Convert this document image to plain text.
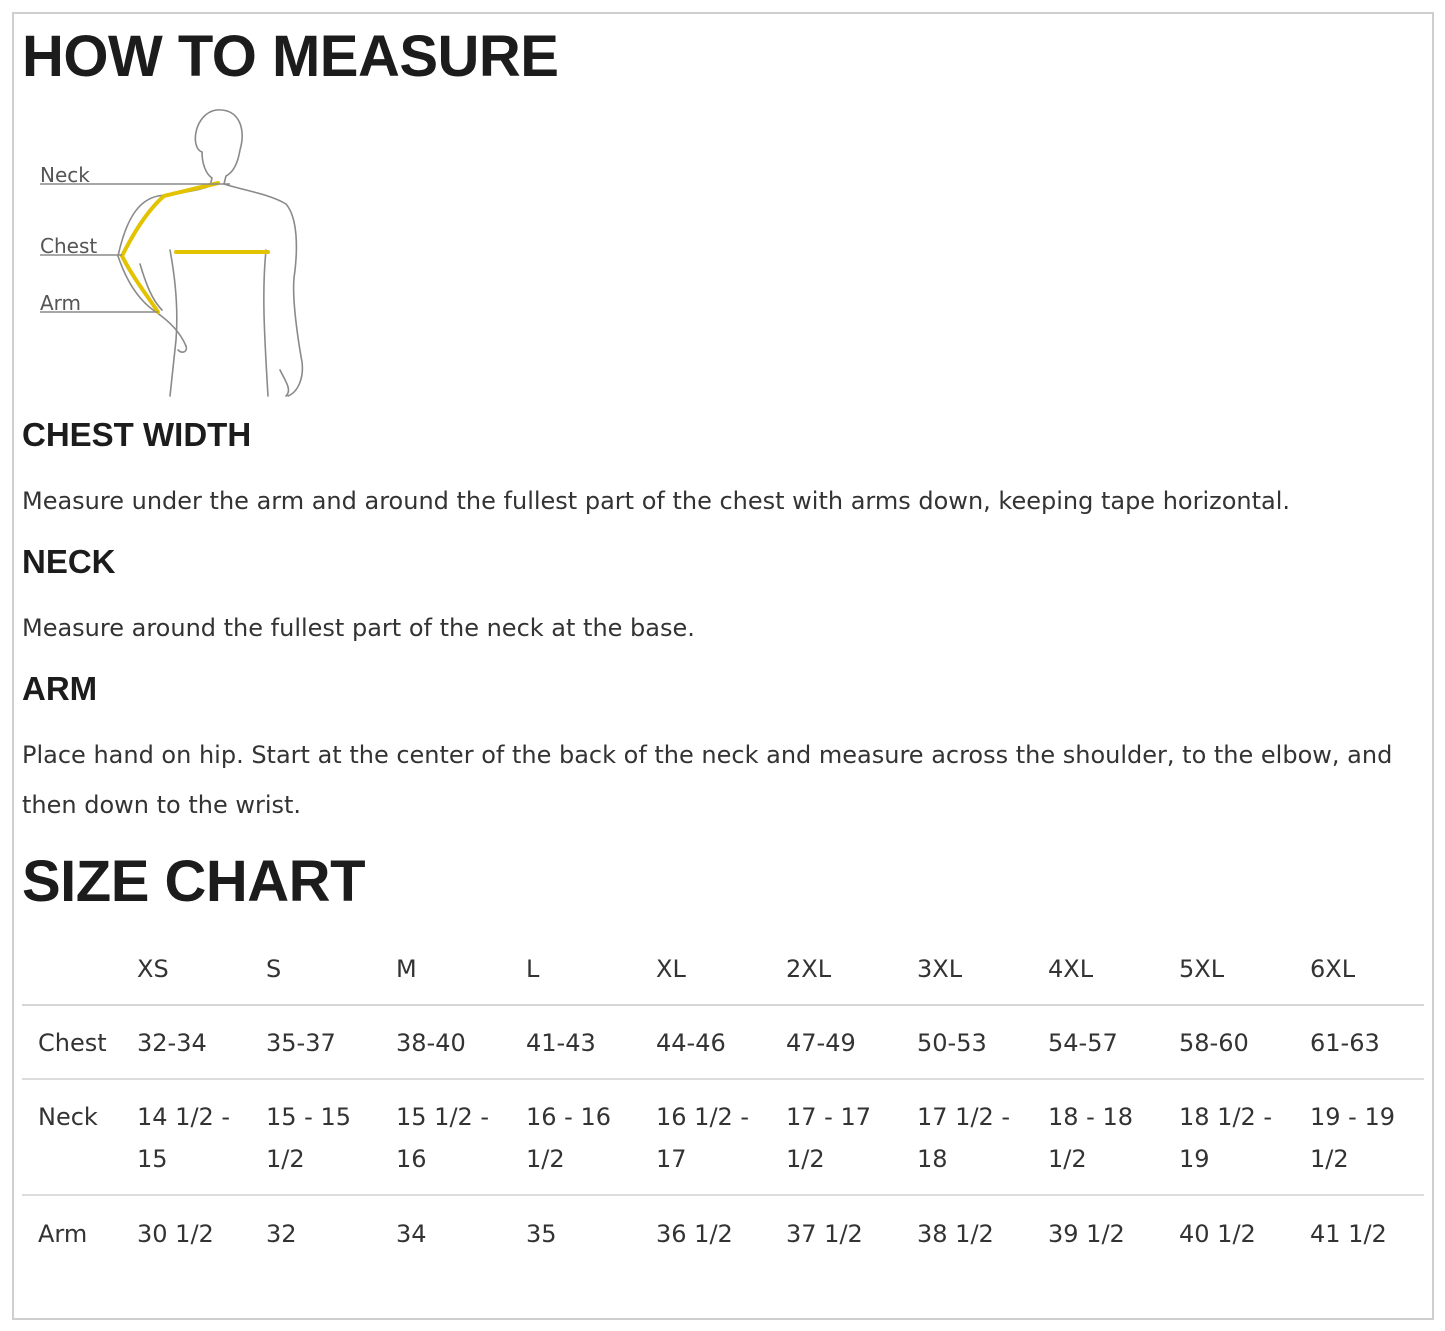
HOW TO MEASURE
Neck
Chest
Arm
CHEST WIDTH

Measure under the arm and around the fullest part of the chest with arms down, keeping tape horizontal.

NECK

Measure around the fullest part of the neck at the base.

ARM

Place hand on hip. Start at the center of the back of the neck and measure across the shoulder, to the elbow, and then down to the wrist.

SIZE CHART
	XS	S	M	L	XL	2XL	3XL	4XL	5XL	6XL
Chest	32-34	35-37	38-40	41-43	44-46	47-49	50-53	54-57	58-60	61-63
Neck	14 1/2 - 15	15 - 15 1/2	15 1/2 - 16	16 - 16 1/2	16 1/2 - 17	17 - 17 1/2	17 1/2 - 18	18 - 18 1/2	18 1/2 - 19	19 - 19 1/2
Arm	30 1/2	32	34	35	36 1/2	37 1/2	38 1/2	39 1/2	40 1/2	41 1/2
